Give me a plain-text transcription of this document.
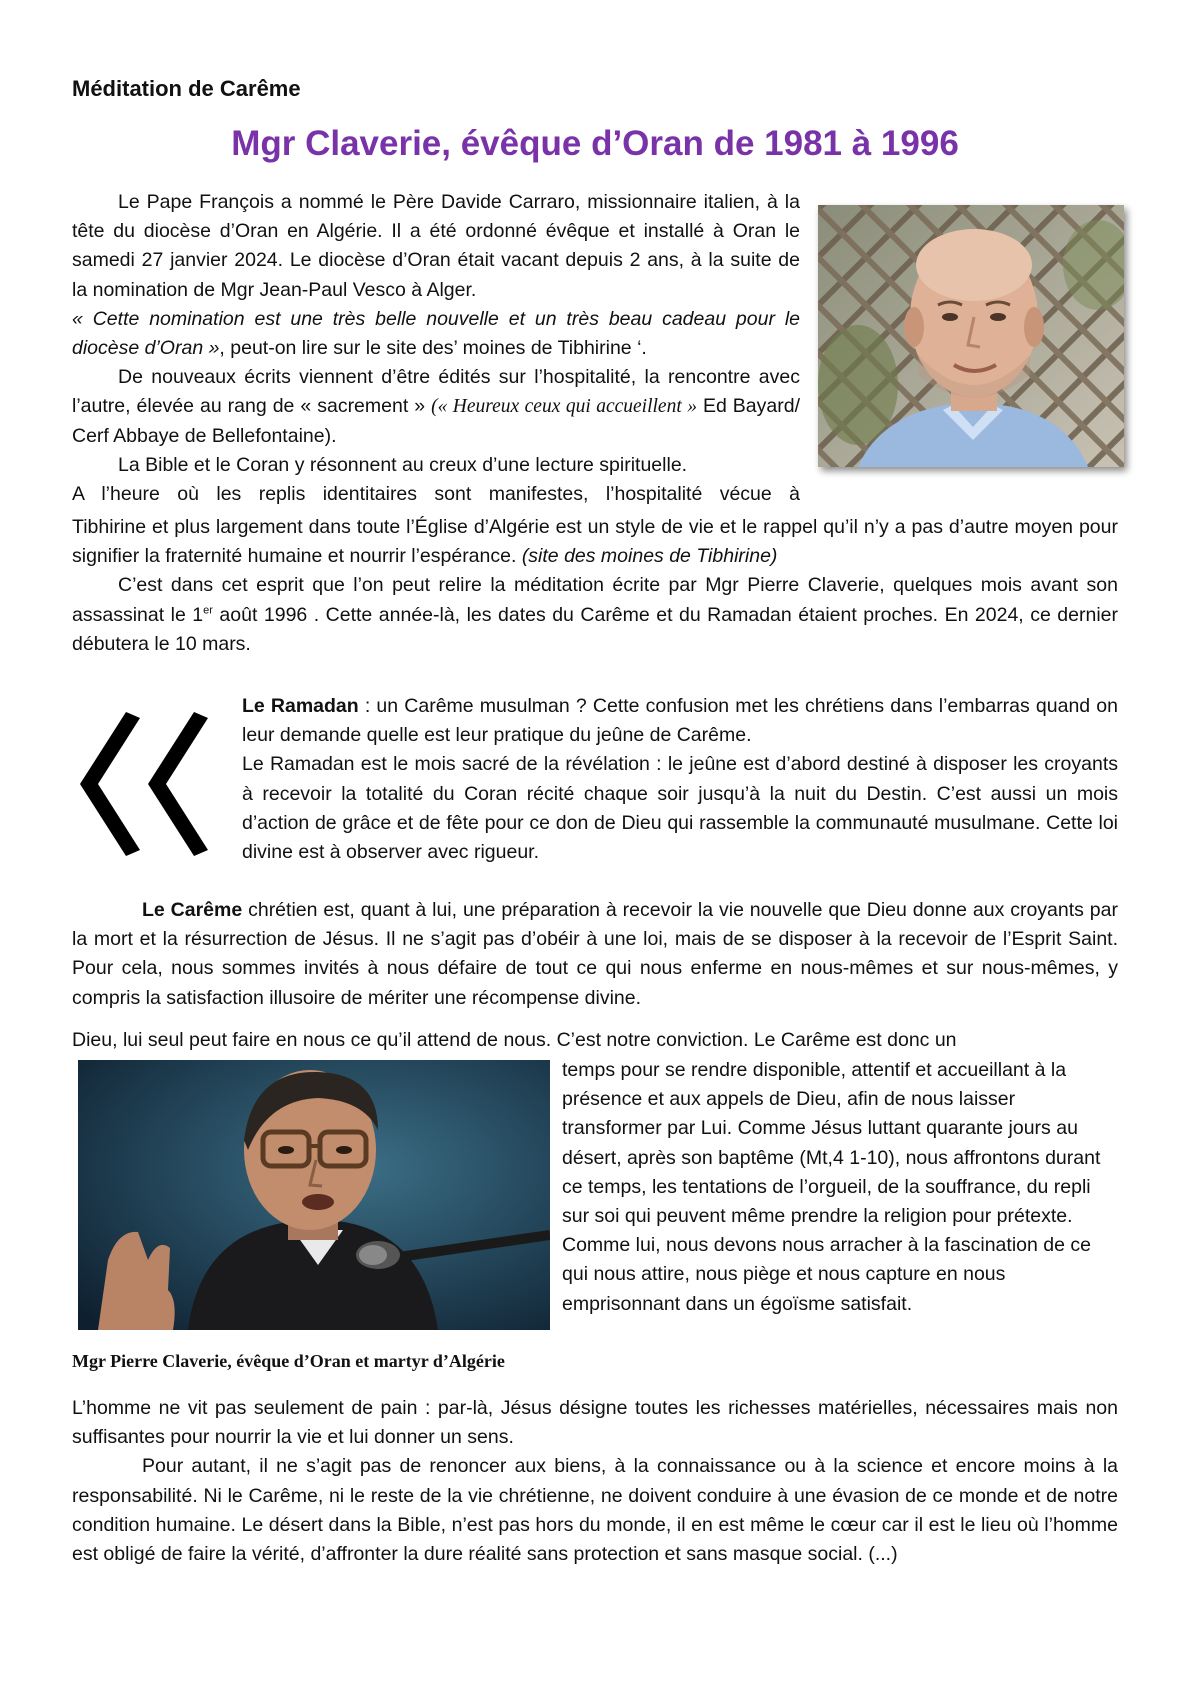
Méditation de Carême
Mgr Claverie, évêque d’Oran de 1981 à 1996

Le Pape François a nommé le Père Davide Carraro, missionnaire italien, à la tête du diocèse d’Oran en Algérie. Il a été ordonné évêque et installé à Oran le samedi 27 janvier 2024. Le diocèse d’Oran était vacant depuis 2 ans, à la suite de la nomination de Mgr Jean-Paul Vesco à Alger.

« Cette nomination est une très belle nouvelle et un très beau cadeau pour le diocèse d’Oran », peut-on lire sur le site des’ moines de Tibhirine ‘.

De nouveaux écrits viennent d’être édités sur l’hospitalité, la rencontre avec l’autre, élevée au rang de « sacrement » (« Heureux ceux qui accueillent » Ed Bayard/ Cerf Abbaye de Bellefontaine).

La Bible et le Coran y résonnent au creux d’une lecture spirituelle.

A l’heure où les replis identitaires sont manifestes, l’hospitalité vécue à

Tibhirine et plus largement dans toute l’Église d’Algérie est un style de vie et le rappel qu’il n’y a pas d’autre moyen pour signifier la fraternité humaine et nourrir l’espérance. (site des moines de Tibhirine)

C’est dans cet esprit que l’on peut relire la méditation écrite par Mgr Pierre Claverie, quelques mois avant son assassinat le 1er août 1996 . Cette année-là, les dates du Carême et du Ramadan étaient proches. En 2024, ce dernier débutera le 10 mars.

Le Ramadan : un Carême musulman ? Cette confusion met les chrétiens dans l’embarras quand on leur demande quelle est leur pratique du jeûne de Carême.

Le Ramadan est le mois sacré de la révélation : le jeûne est d’abord destiné à disposer les croyants à recevoir la totalité du Coran récité chaque soir jusqu’à la nuit du Destin. C’est aussi un mois d’action de grâce et de fête pour ce don de Dieu qui rassemble la communauté musulmane. Cette loi divine est à observer avec rigueur.

Le Carême chrétien est, quant à lui, une préparation à recevoir la vie nouvelle que Dieu donne aux croyants par la mort et la résurrection de Jésus. Il ne s’agit pas d’obéir à une loi, mais de se disposer à la recevoir de l’Esprit Saint. Pour cela, nous sommes invités à nous défaire de tout ce qui nous enferme en nous-mêmes et sur nous-mêmes, y compris la satisfaction illusoire de mériter une récompense divine.

Dieu, lui seul peut faire en nous ce qu’il attend de nous. C’est notre conviction. Le Carême est donc un

temps pour se rendre disponible, attentif et accueillant à la présence et aux appels de Dieu, afin de nous laisser transformer par Lui. Comme Jésus luttant quarante jours au désert, après son baptême (Mt,4 1-10), nous affrontons durant ce temps, les tentations de l’orgueil, de la souffrance, du repli sur soi qui peuvent même prendre la religion pour prétexte. Comme lui, nous devons nous arracher à la fascination de ce qui nous attire, nous piège et nous capture en nous emprisonnant dans un égoïsme satisfait.

Mgr Pierre Claverie, évêque d’Oran et martyr d’Algérie

L’homme ne vit pas seulement de pain : par-là, Jésus désigne toutes les richesses matérielles, nécessaires mais non suffisantes pour nourrir la vie et lui donner un sens.

Pour autant, il ne s’agit pas de renoncer aux biens, à la connaissance ou à la science et encore moins à la responsabilité. Ni le Carême, ni le reste de la vie chrétienne, ne doivent conduire à une évasion de ce monde et de notre condition humaine. Le désert dans la Bible, n’est pas hors du monde, il en est même le cœur car il est le lieu où l’homme est obligé de faire la vérité, d’affronter la dure réalité sans protection et sans masque social. (...)
